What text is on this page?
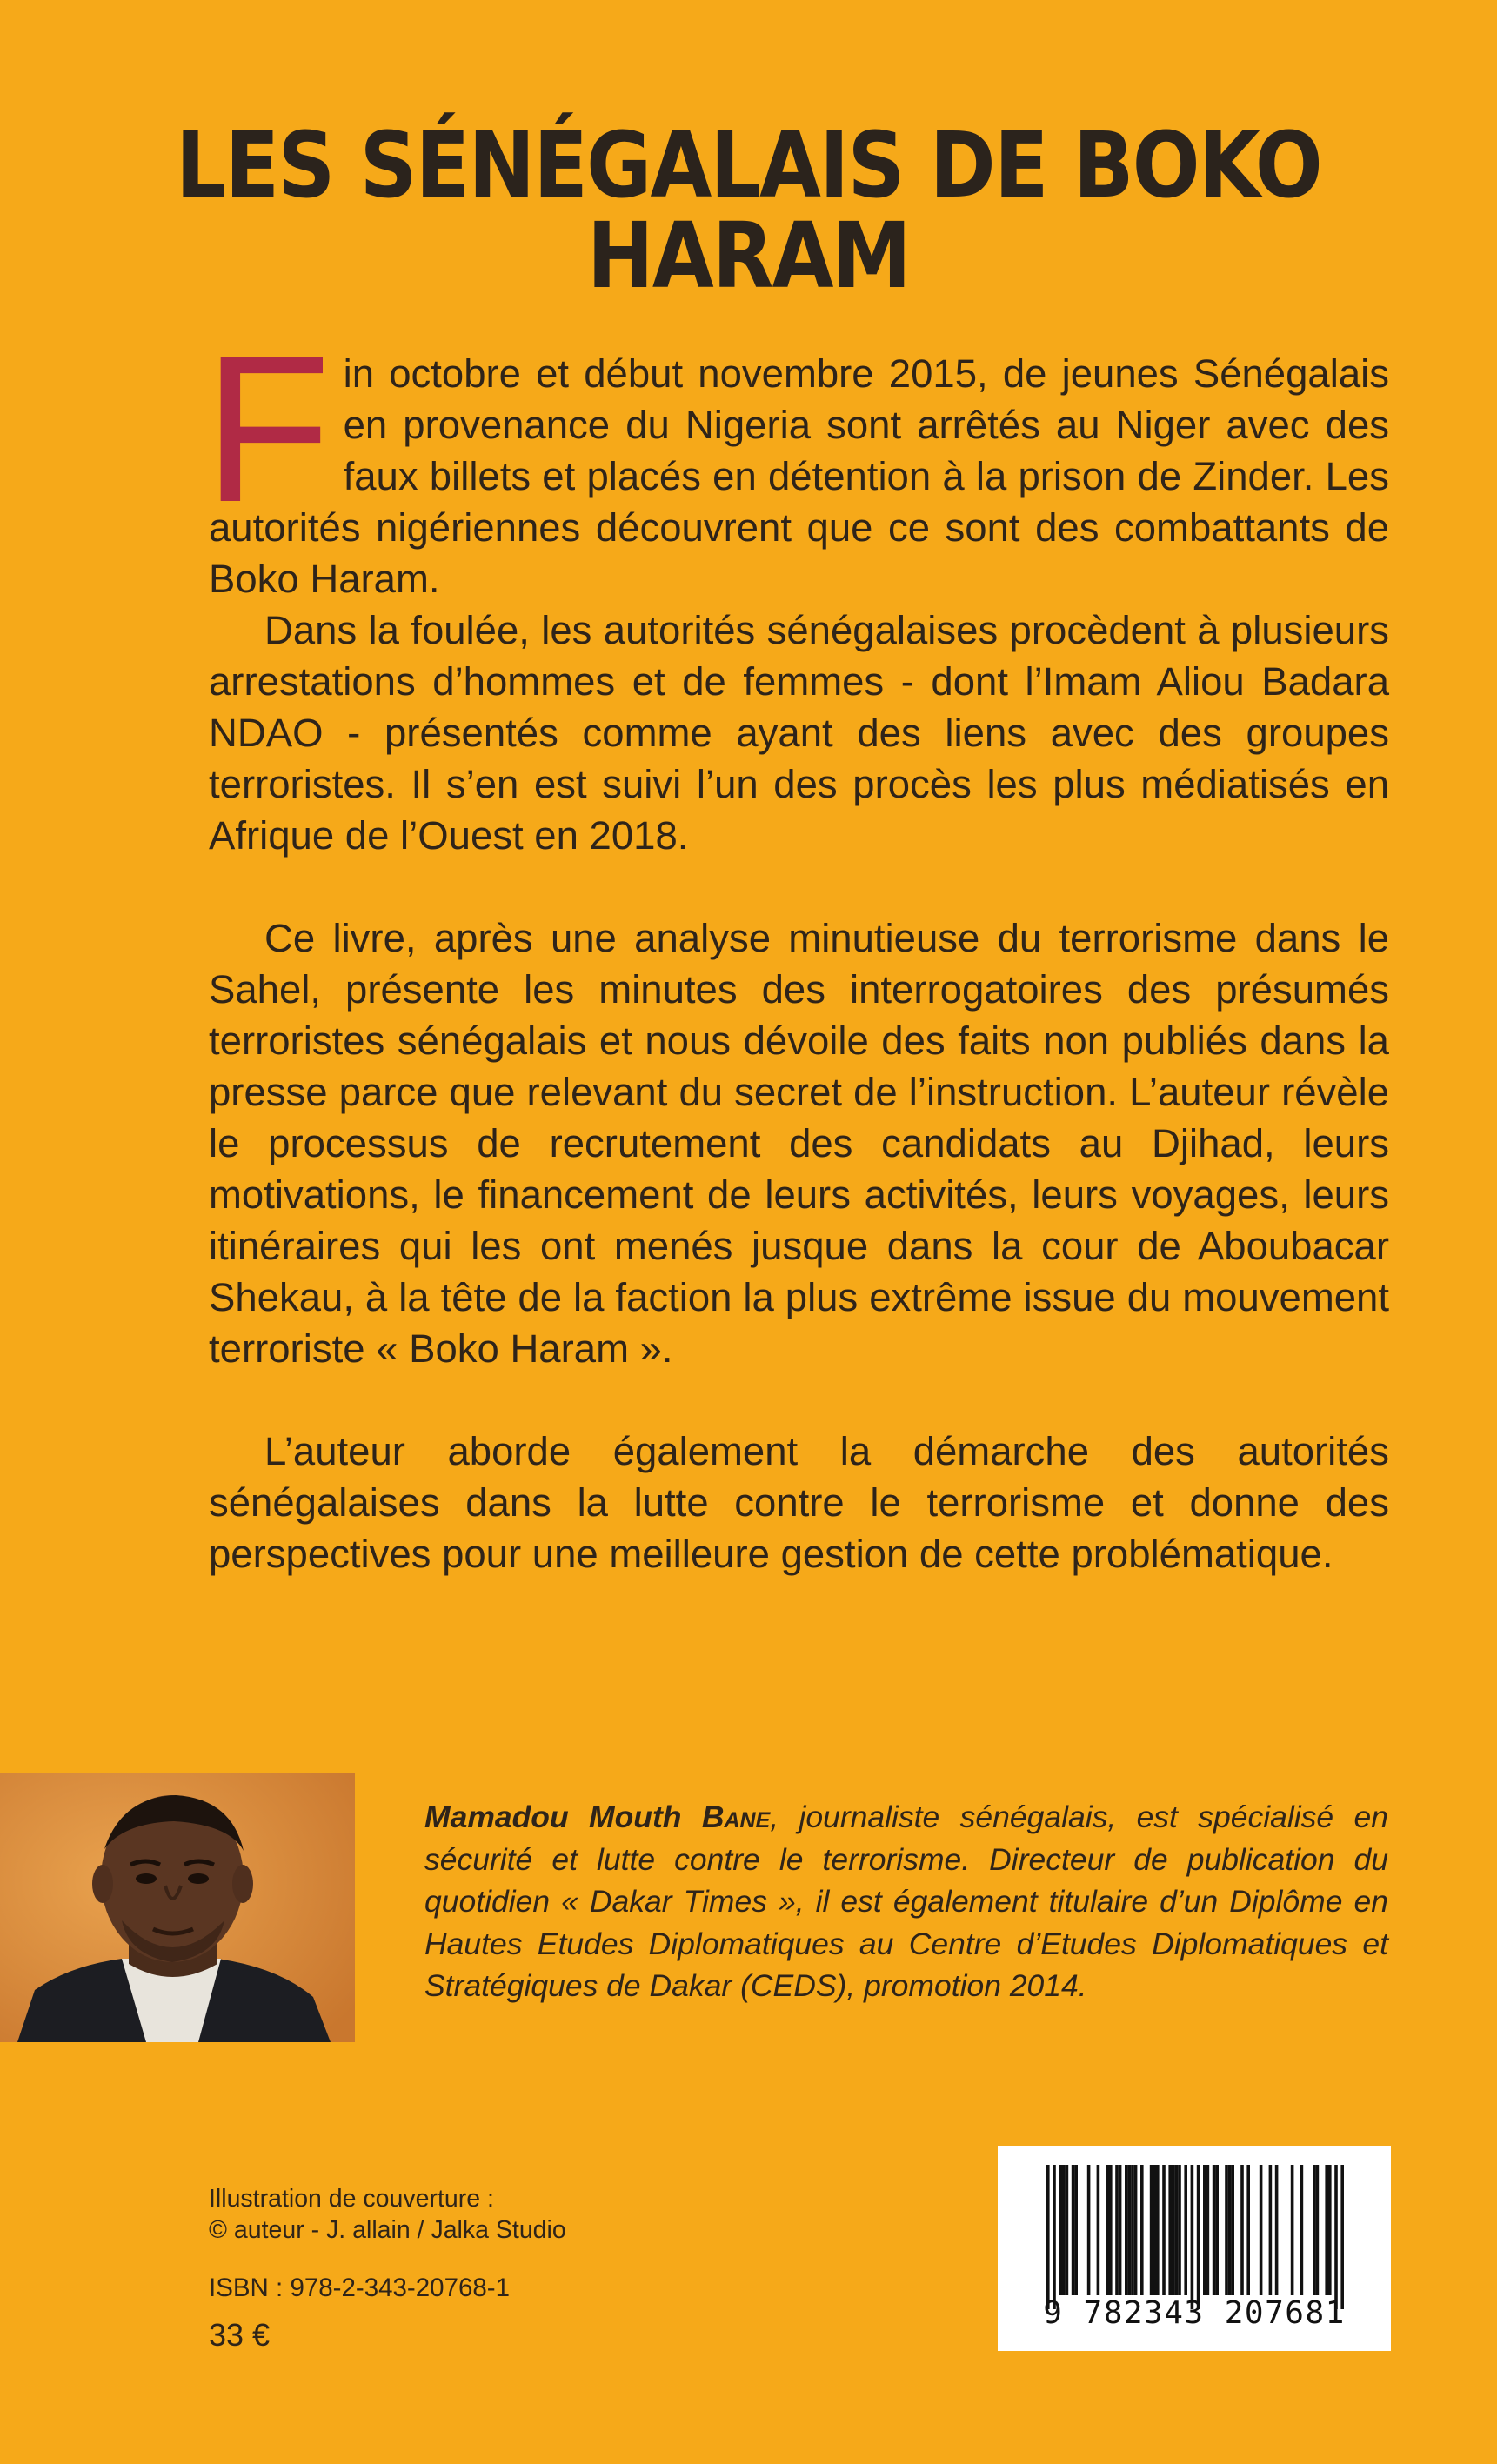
LES SÉNÉGALAIS DE BOKO HARAM

Fin octobre et début novembre 2015, de jeunes Sénégalais en provenance du Nigeria sont arrêtés au Niger avec des faux billets et placés en détention à la prison de Zinder. Les autorités nigériennes découvrent que ce sont des combattants de Boko Haram.

Dans la foulée, les autorités sénégalaises procèdent à plusieurs arrestations d’hommes et de femmes - dont l’Imam Aliou Badara NDAO - présentés comme ayant des liens avec des groupes terroristes. Il s’en est suivi l’un des procès les plus médiatisés en Afrique de l’Ouest en 2018.

Ce livre, après une analyse minutieuse du terrorisme dans le Sahel, présente les minutes des interrogatoires des présumés terroristes sénégalais et nous dévoile des faits non publiés dans la presse parce que relevant du secret de l’instruction. L’auteur révèle le processus de recrutement des candidats au Djihad, leurs motivations, le financement de leurs activités, leurs voyages, leurs itinéraires qui les ont menés jusque dans la cour de Aboubacar Shekau, à la tête de la faction la plus extrême issue du mouvement terroriste « Boko Haram ».

L’auteur aborde également la démarche des autorités sénégalaises dans la lutte contre le terrorisme et donne des perspectives pour une meilleure gestion de cette problématique.

Mamadou Mouth Bane, journaliste sénégalais, est spécialisé en sécurité et lutte contre le terrorisme. Directeur de publication du quotidien « Dakar Times », il est également titulaire d’un Diplôme en Hautes Etudes Diplomatiques au Centre d’Etudes Diplomatiques et Stratégiques de Dakar (CEDS), promotion 2014.
Illustration de couverture :
© auteur - J. allain / Jalka Studio
ISBN : 978-2-343-20768-1
33 €
9 782343 207681
